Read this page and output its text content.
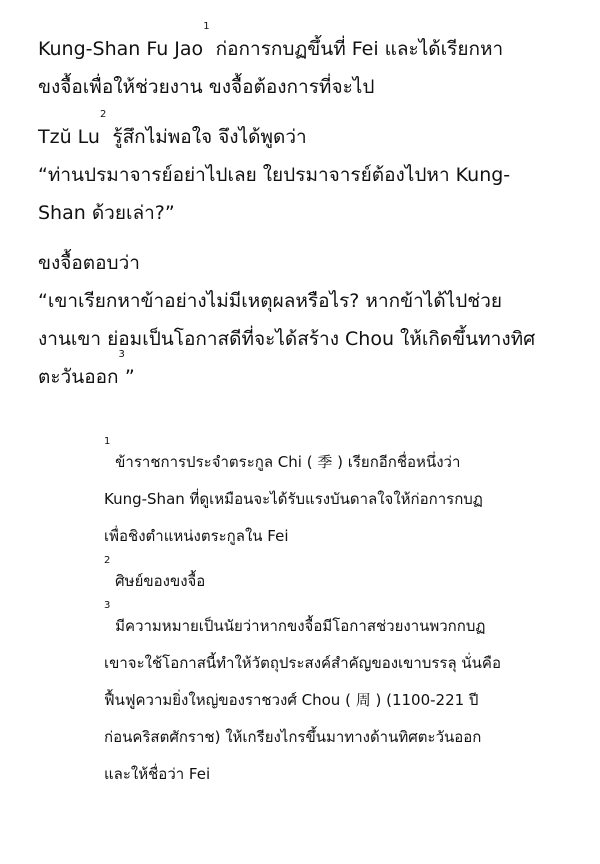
Kung-Shan Fu Jao$^1$ ก่อการกบฏขึ้นที่ Fei และได้เรียกหา
ขงจื้อเพื่อให้ช่วยงาน ขงจื้อต้องการที่จะไป

Tzŭ Lu$^2$ รู้สึกไม่พอใจ จึงได้พูดว่า
“ท่านปรมาจารย์อย่าไปเลย ใยปรมาจารย์ต้องไปหา Kung-
Shan ด้วยเล่า?”

ขงจื้อตอบว่า
“เขาเรียกหาข้าอย่างไม่มีเหตุผลหรือไร? หากข้าได้ไปช่วย
งานเขา ย่อมเป็นโอกาสดีที่จะได้สร้าง Chou ให้เกิดขึ้นทางทิศ
ตะวันออก$^3$”

$^1$ ข้าราชการประจำตระกูล Chi ( 季 ) เรียกอีกชื่อหนึ่งว่า
Kung-Shan ที่ดูเหมือนจะได้รับแรงบันดาลใจให้ก่อการกบฏ
เพื่อชิงตำแหน่งตระกูลใน Fei
$^2$ ศิษย์ของขงจื้อ
$^3$ มีความหมายเป็นนัยว่าหากขงจื้อมีโอกาสช่วยงานพวกกบฏ
เขาจะใช้โอกาสนี้ทำให้วัตถุประสงค์สำคัญของเขาบรรลุ นั่นคือ
ฟื้นฟูความยิ่งใหญ่ของราชวงศ์ Chou ( 周 ) (1100-221 ปี
ก่อนคริสตศักราช) ให้เกรียงไกรขึ้นมาทางด้านทิศตะวันออก
และให้ชื่อว่า Fei
